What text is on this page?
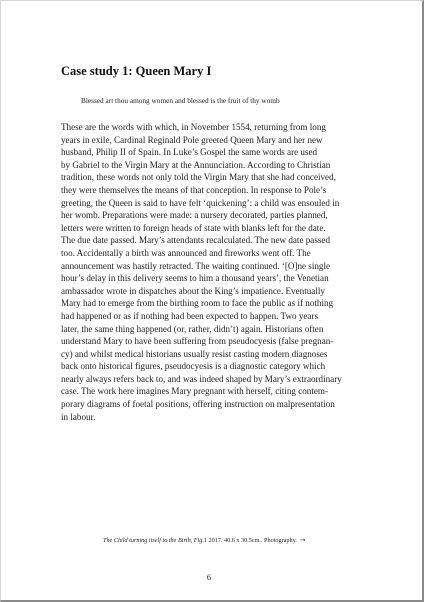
Case study 1: Queen Mary I

Blessed art thou among women and blessed is the fruit of thy womb

These are the words with which, in November 1554, returning from long
years in exile, Cardinal Reginald Pole greeted Queen Mary and her new
husband, Philip II of Spain. In Luke’s Gospel the same words are used
by Gabriel to the Virgin Mary at the Annunciation. According to Christian
tradition, these words not only told the Virgin Mary that she had conceived,
they were themselves the means of that conception. In response to Pole’s
greeting, the Queen is said to have felt ‘quickening’: a child was ensouled in
her womb. Preparations were made: a nursery decorated, parties planned,
letters were written to foreign heads of state with blanks left for the date.
The due date passed. Mary’s attendants recalculated. The new date passed
too. Accidentally a birth was announced and fireworks went off. The
announcement was hastily retracted. The waiting continued. ‘[O]ne single
hour’s delay in this delivery seems to him a thousand years’, the Venetian
ambassador wrote in dispatches about the King’s impatience. Eventually
Mary had to emerge from the birthing room to face the public as if nothing
had happened or as if nothing had been expected to happen. Two years
later, the same thing happened (or, rather, didn’t) again. Historians often
understand Mary to have been suffering from pseudocyesis (false pregnan-
cy) and whilst medical historians usually resist casting modern diagnoses
back onto historical figures, pseudocyesis is a diagnostic category which
nearly always refers back to, and was indeed shaped by Mary’s extraordinary
case. The work here imagines Mary pregnant with herself, citing contem-
porary diagrams of foetal positions, offering instruction on malpresentation
in labour.

The Child turning itself to the Birth, Fig.1 2017. 40.6 x 30.5cm.. Photography. →

6
